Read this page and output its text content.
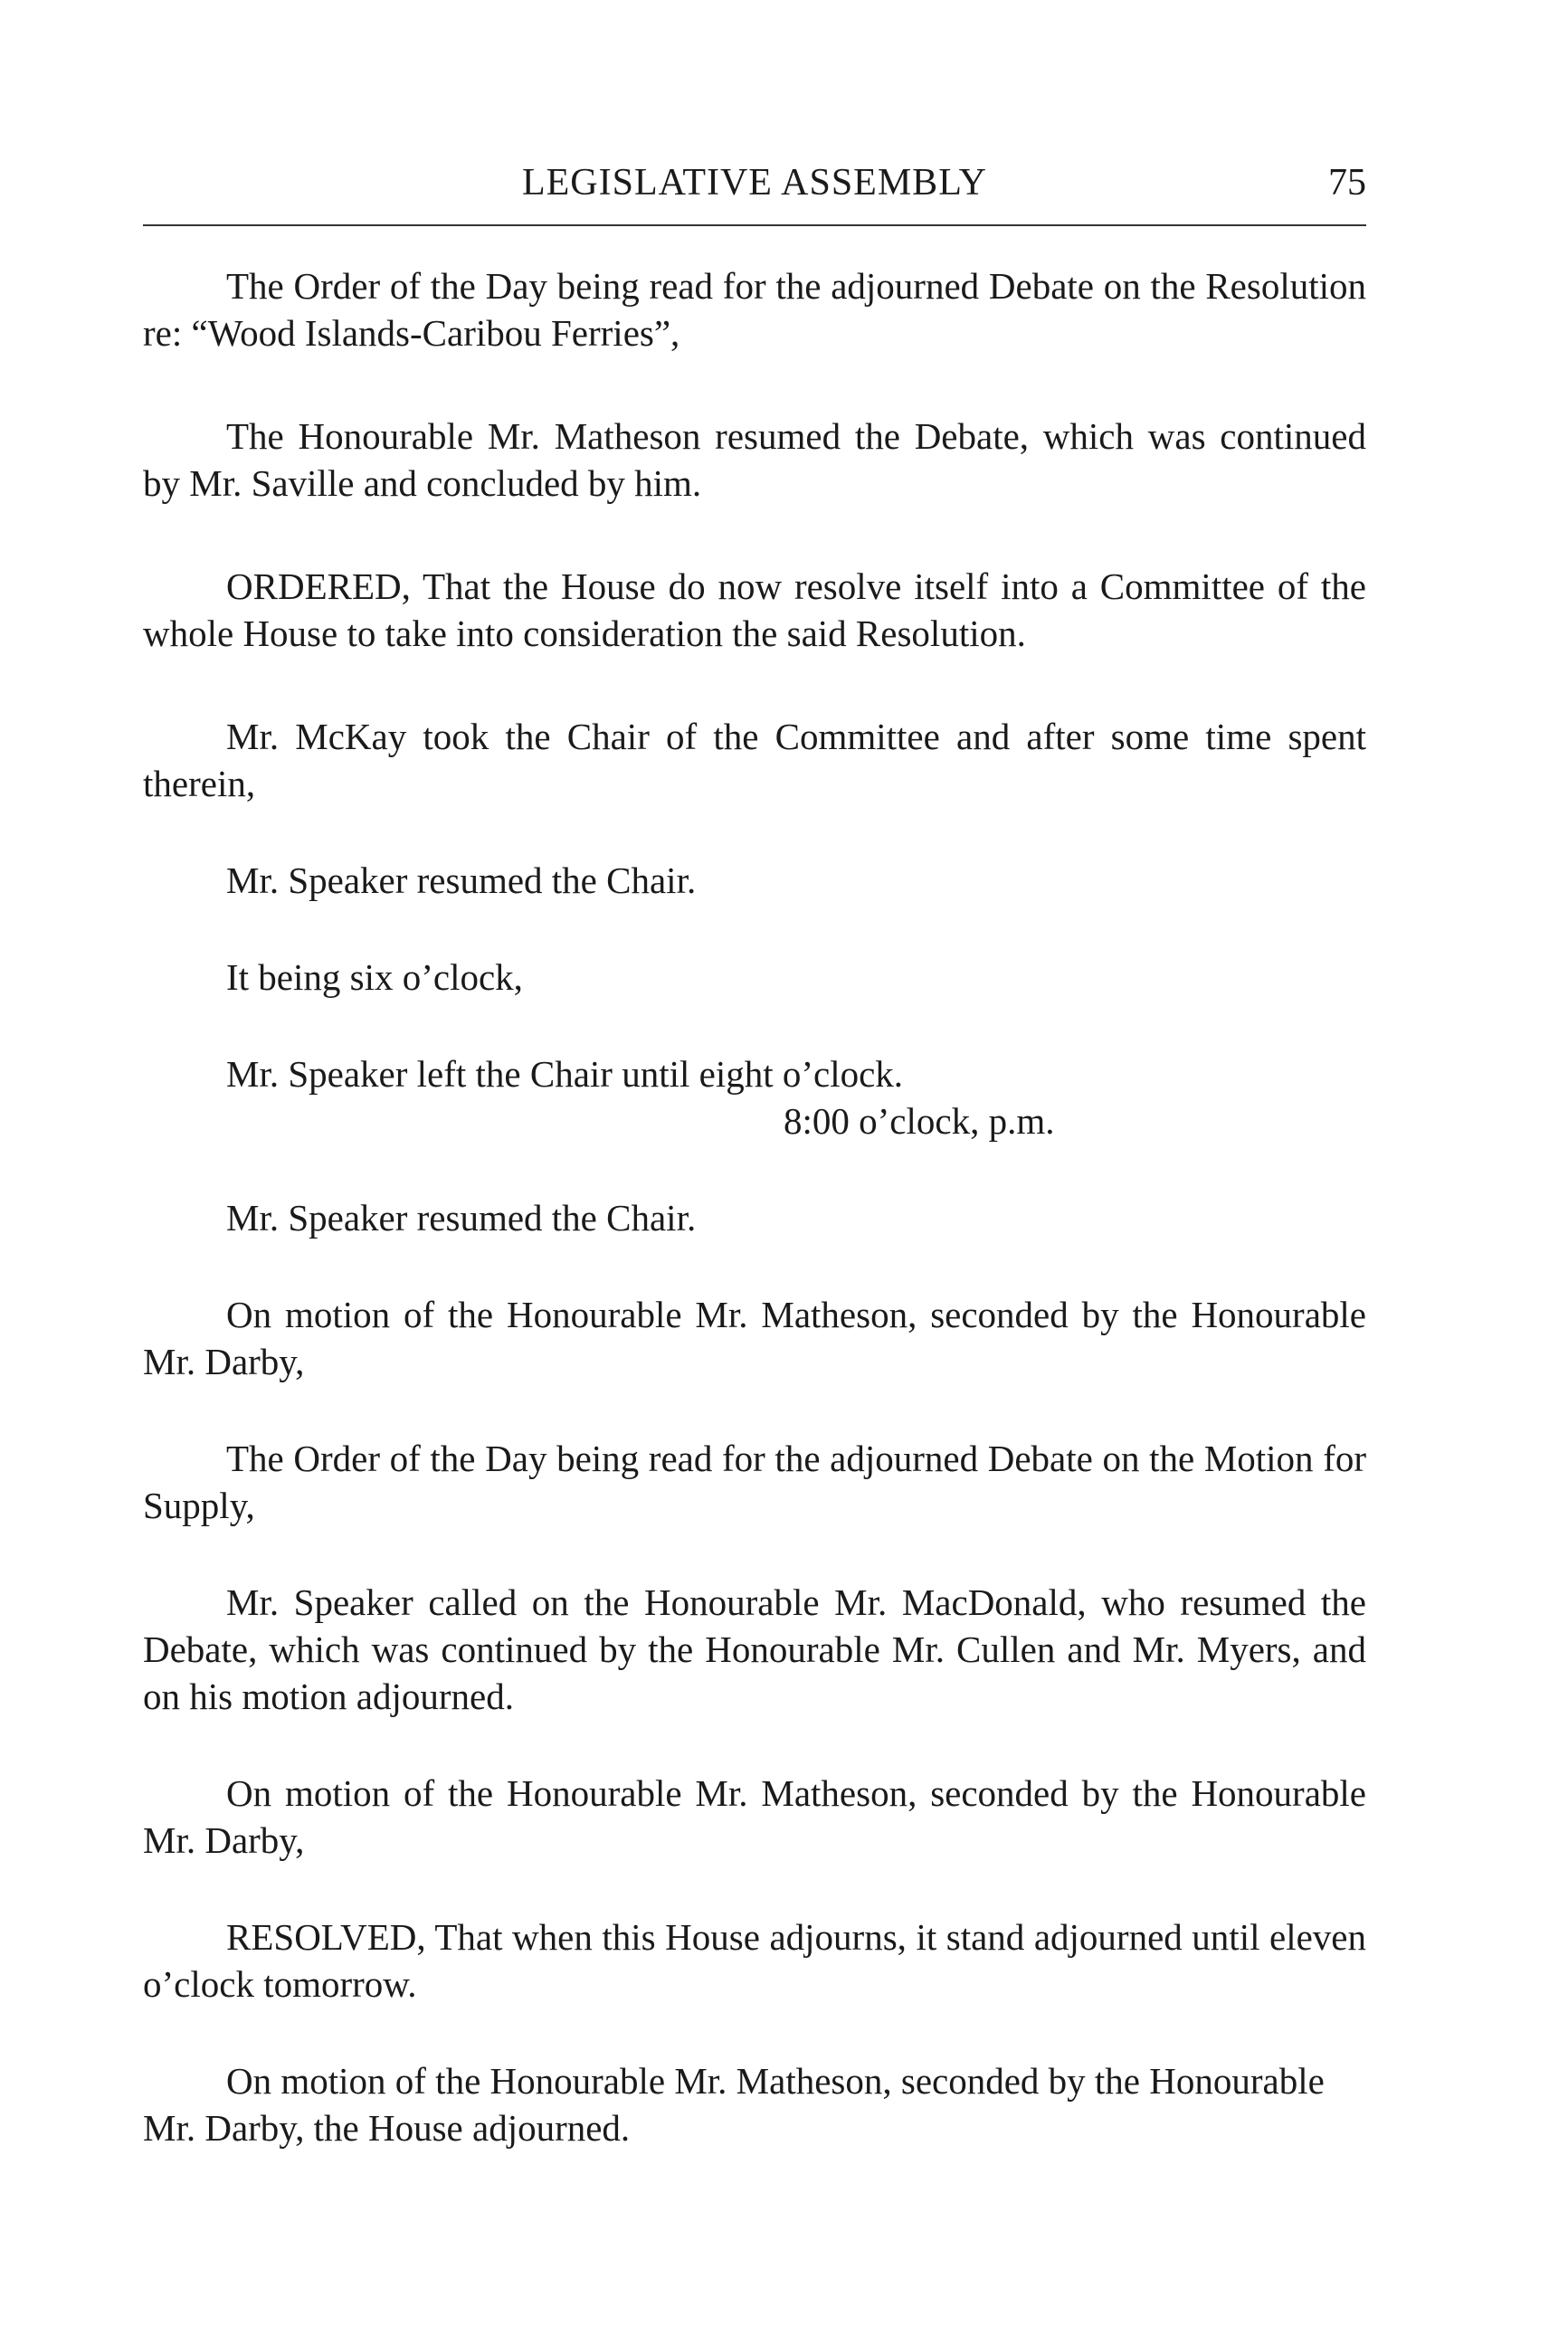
LEGISLATIVE ASSEMBLY	75

The Order of the Day being read for the adjourned Debate on the Resolution re: “Wood Islands-Caribou Ferries”,

The Honourable Mr. Matheson resumed the Debate, which was continued by Mr. Saville and concluded by him.

ORDERED, That the House do now resolve itself into a Committee of the whole House to take into consideration the said Resolution.

Mr. McKay took the Chair of the Committee and after some time spent therein,

Mr. Speaker resumed the Chair.

It being six o’clock,

Mr. Speaker left the Chair until eight o’clock.

8:00 o’clock, p.m.

Mr. Speaker resumed the Chair.

On motion of the Honourable Mr. Matheson, seconded by the Honourable Mr. Darby,

The Order of the Day being read for the adjourned Debate on the Motion for Supply,

Mr. Speaker called on the Honourable Mr. MacDonald, who resumed the Debate, which was continued by the Honourable Mr. Cullen and Mr. Myers, and on his motion adjourned.

On motion of the Honourable Mr. Matheson, seconded by the Honourable Mr. Darby,

RESOLVED, That when this House adjourns, it stand adjourned until eleven o’clock tomorrow.

On motion of the Honourable Mr. Matheson, seconded by the Honourable Mr. Darby, the House adjourned.
